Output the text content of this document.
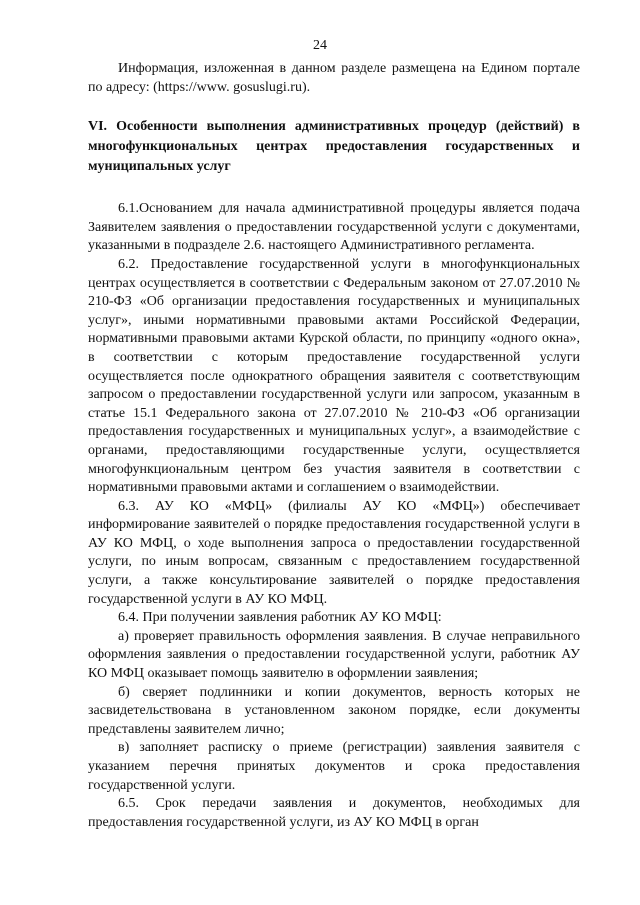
24

Информация, изложенная в данном разделе размещена на Едином портале по адресу: (https://www. gosuslugi.ru).

VI. Особенности выполнения административных процедур (действий) в многофункциональных центрах предоставления государственных и муниципальных услуг

6.1.Основанием для начала административной процедуры является подача Заявителем заявления о предоставлении государственной услуги с документами, указанными в подразделе 2.6. настоящего Административного регламента.

6.2. Предоставление государственной услуги в многофункциональных центрах осуществляется в соответствии с Федеральным законом от 27.07.2010 № 210-ФЗ «Об организации предоставления государственных и муниципальных услуг», иными нормативными правовыми актами Российской Федерации, нормативными правовыми актами Курской области, по принципу «одного окна», в соответствии с которым предоставление государственной услуги осуществляется после однократного обращения заявителя с соответствующим запросом о предоставлении государственной услуги или запросом, указанным в статье 15.1 Федерального закона от 27.07.2010 № 210-ФЗ «Об организации предоставления государственных и муниципальных услуг», а взаимодействие с органами, предоставляющими государственные услуги, осуществляется многофункциональным центром без участия заявителя в соответствии с нормативными правовыми актами и соглашением о взаимодействии.

6.3. АУ КО «МФЦ» (филиалы АУ КО «МФЦ») обеспечивает информирование заявителей о порядке предоставления государственной услуги в АУ КО МФЦ, о ходе выполнения запроса о предоставлении государственной услуги, по иным вопросам, связанным с предоставлением государственной услуги, а также консультирование заявителей о порядке предоставления государственной услуги в АУ КО МФЦ.

6.4. При получении заявления работник АУ КО МФЦ:

а) проверяет правильность оформления заявления. В случае неправильного оформления заявления о предоставлении государственной услуги, работник АУ КО МФЦ оказывает помощь заявителю в оформлении заявления;

б) сверяет подлинники и копии документов, верность которых не засвидетельствована в установленном законом порядке, если документы представлены заявителем лично;

в) заполняет расписку о приеме (регистрации) заявления заявителя с указанием перечня принятых документов и срока предоставления государственной услуги.

6.5. Срок передачи заявления и документов, необходимых для предоставления государственной услуги, из АУ КО МФЦ в орган
